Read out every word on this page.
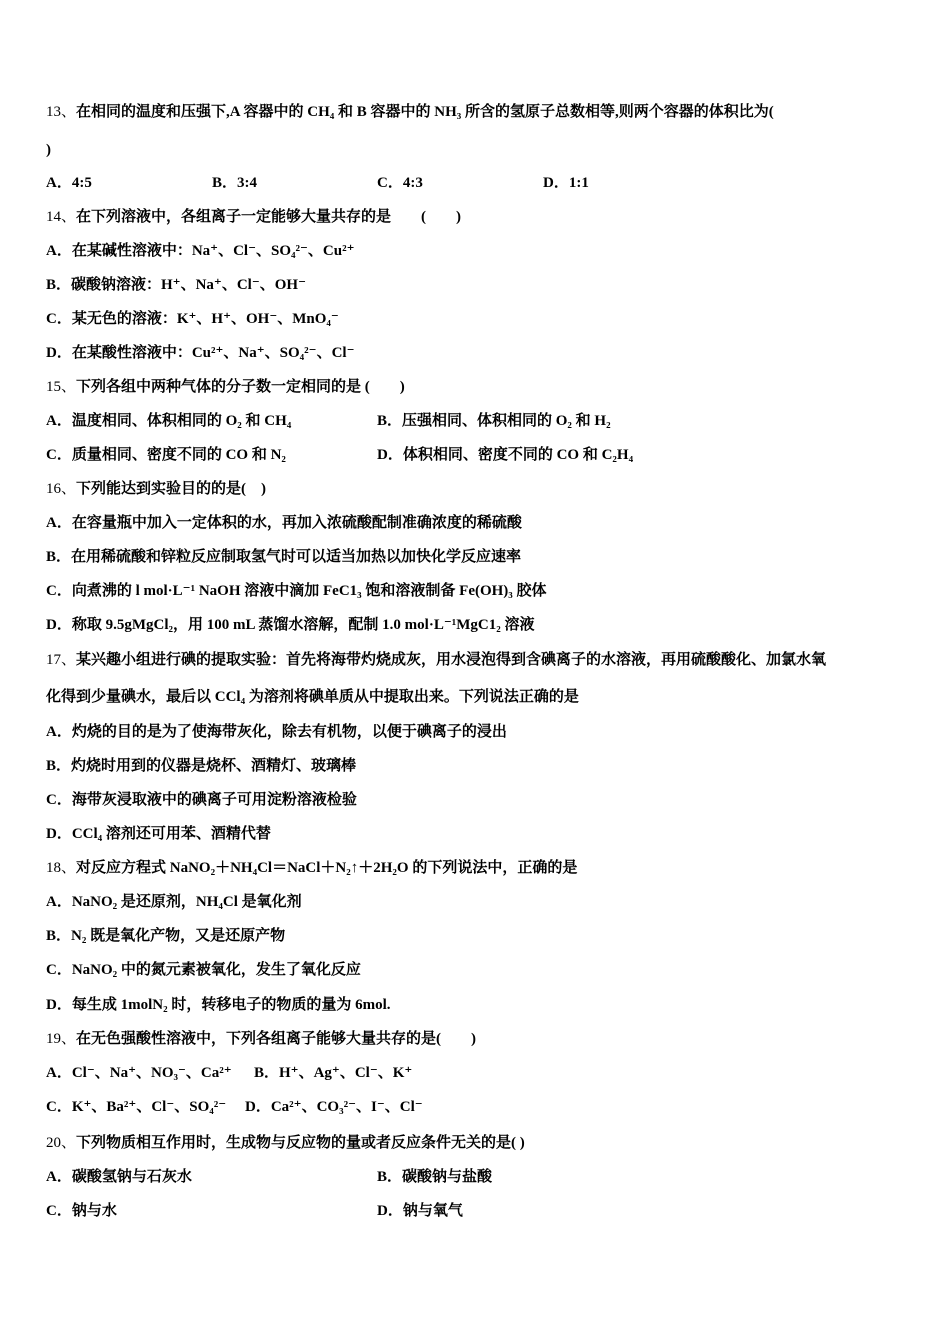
13、在相同的温度和压强下,A 容器中的 CH₄ 和 B 容器中的 NH₃ 所含的氢原子总数相等,则两个容器的体积比为(
)
A．4:5	B．3:4	C．4:3	D．1:1
14、在下列溶液中，各组离子一定能够大量共存的是　　(　　)
A．在某碱性溶液中：Na⁺、Cl⁻、SO₄²⁻、Cu²⁺
B．碳酸钠溶液：H⁺、Na⁺、Cl⁻、OH⁻
C．某无色的溶液：K⁺、H⁺、OH⁻、MnO₄⁻
D．在某酸性溶液中：Cu²⁺、Na⁺、SO₄²⁻、Cl⁻
15、下列各组中两种气体的分子数一定相同的是 (　　)
A．温度相同、体积相同的 O₂ 和 CH₄	B．压强相同、体积相同的 O₂ 和 H₂
C．质量相同、密度不同的 CO 和 N₂	D．体积相同、密度不同的 CO 和 C₂H₄
16、下列能达到实验目的的是(　)
A．在容量瓶中加入一定体积的水，再加入浓硫酸配制准确浓度的稀硫酸
B．在用稀硫酸和锌粒反应制取氢气时可以适当加热以加快化学反应速率
C．向煮沸的 l mol·L⁻¹ NaOH 溶液中滴加 FeC1₃ 饱和溶液制备 Fe(OH)₃ 胶体
D．称取 9.5gMgCl₂，用 100 mL 蒸馏水溶解，配制 1.0 mol·L⁻¹MgC1₂ 溶液
17、某兴趣小组进行碘的提取实验：首先将海带灼烧成灰，用水浸泡得到含碘离子的水溶液，再用硫酸酸化、加氯水氧
化得到少量碘水，最后以 CCl₄ 为溶剂将碘单质从中提取出来。下列说法正确的是
A．灼烧的目的是为了使海带灰化，除去有机物，以便于碘离子的浸出
B．灼烧时用到的仪器是烧杯、酒精灯、玻璃棒
C．海带灰浸取液中的碘离子可用淀粉溶液检验
D．CCl₄ 溶剂还可用苯、酒精代替
18、对反应方程式 NaNO₂＋NH₄Cl＝NaCl＋N₂↑＋2H₂O 的下列说法中，正确的是
A．NaNO₂ 是还原剂，NH₄Cl 是氧化剂
B．N₂ 既是氧化产物，又是还原产物
C．NaNO₂ 中的氮元素被氧化，发生了氧化反应
D．每生成 1molN₂ 时，转移电子的物质的量为 6mol.
19、在无色强酸性溶液中，下列各组离子能够大量共存的是(　　)
A．Cl⁻、Na⁺、NO₃⁻、Ca²⁺ B．H⁺、Ag⁺、Cl⁻、K⁺
C．K⁺、Ba²⁺、Cl⁻、SO₄²⁻ D．Ca²⁺、CO₃²⁻、I⁻、Cl⁻
20、下列物质相互作用时，生成物与反应物的量或者反应条件无关的是( )
A．碳酸氢钠与石灰水	B．碳酸钠与盐酸
C．钠与水	D．钠与氧气
